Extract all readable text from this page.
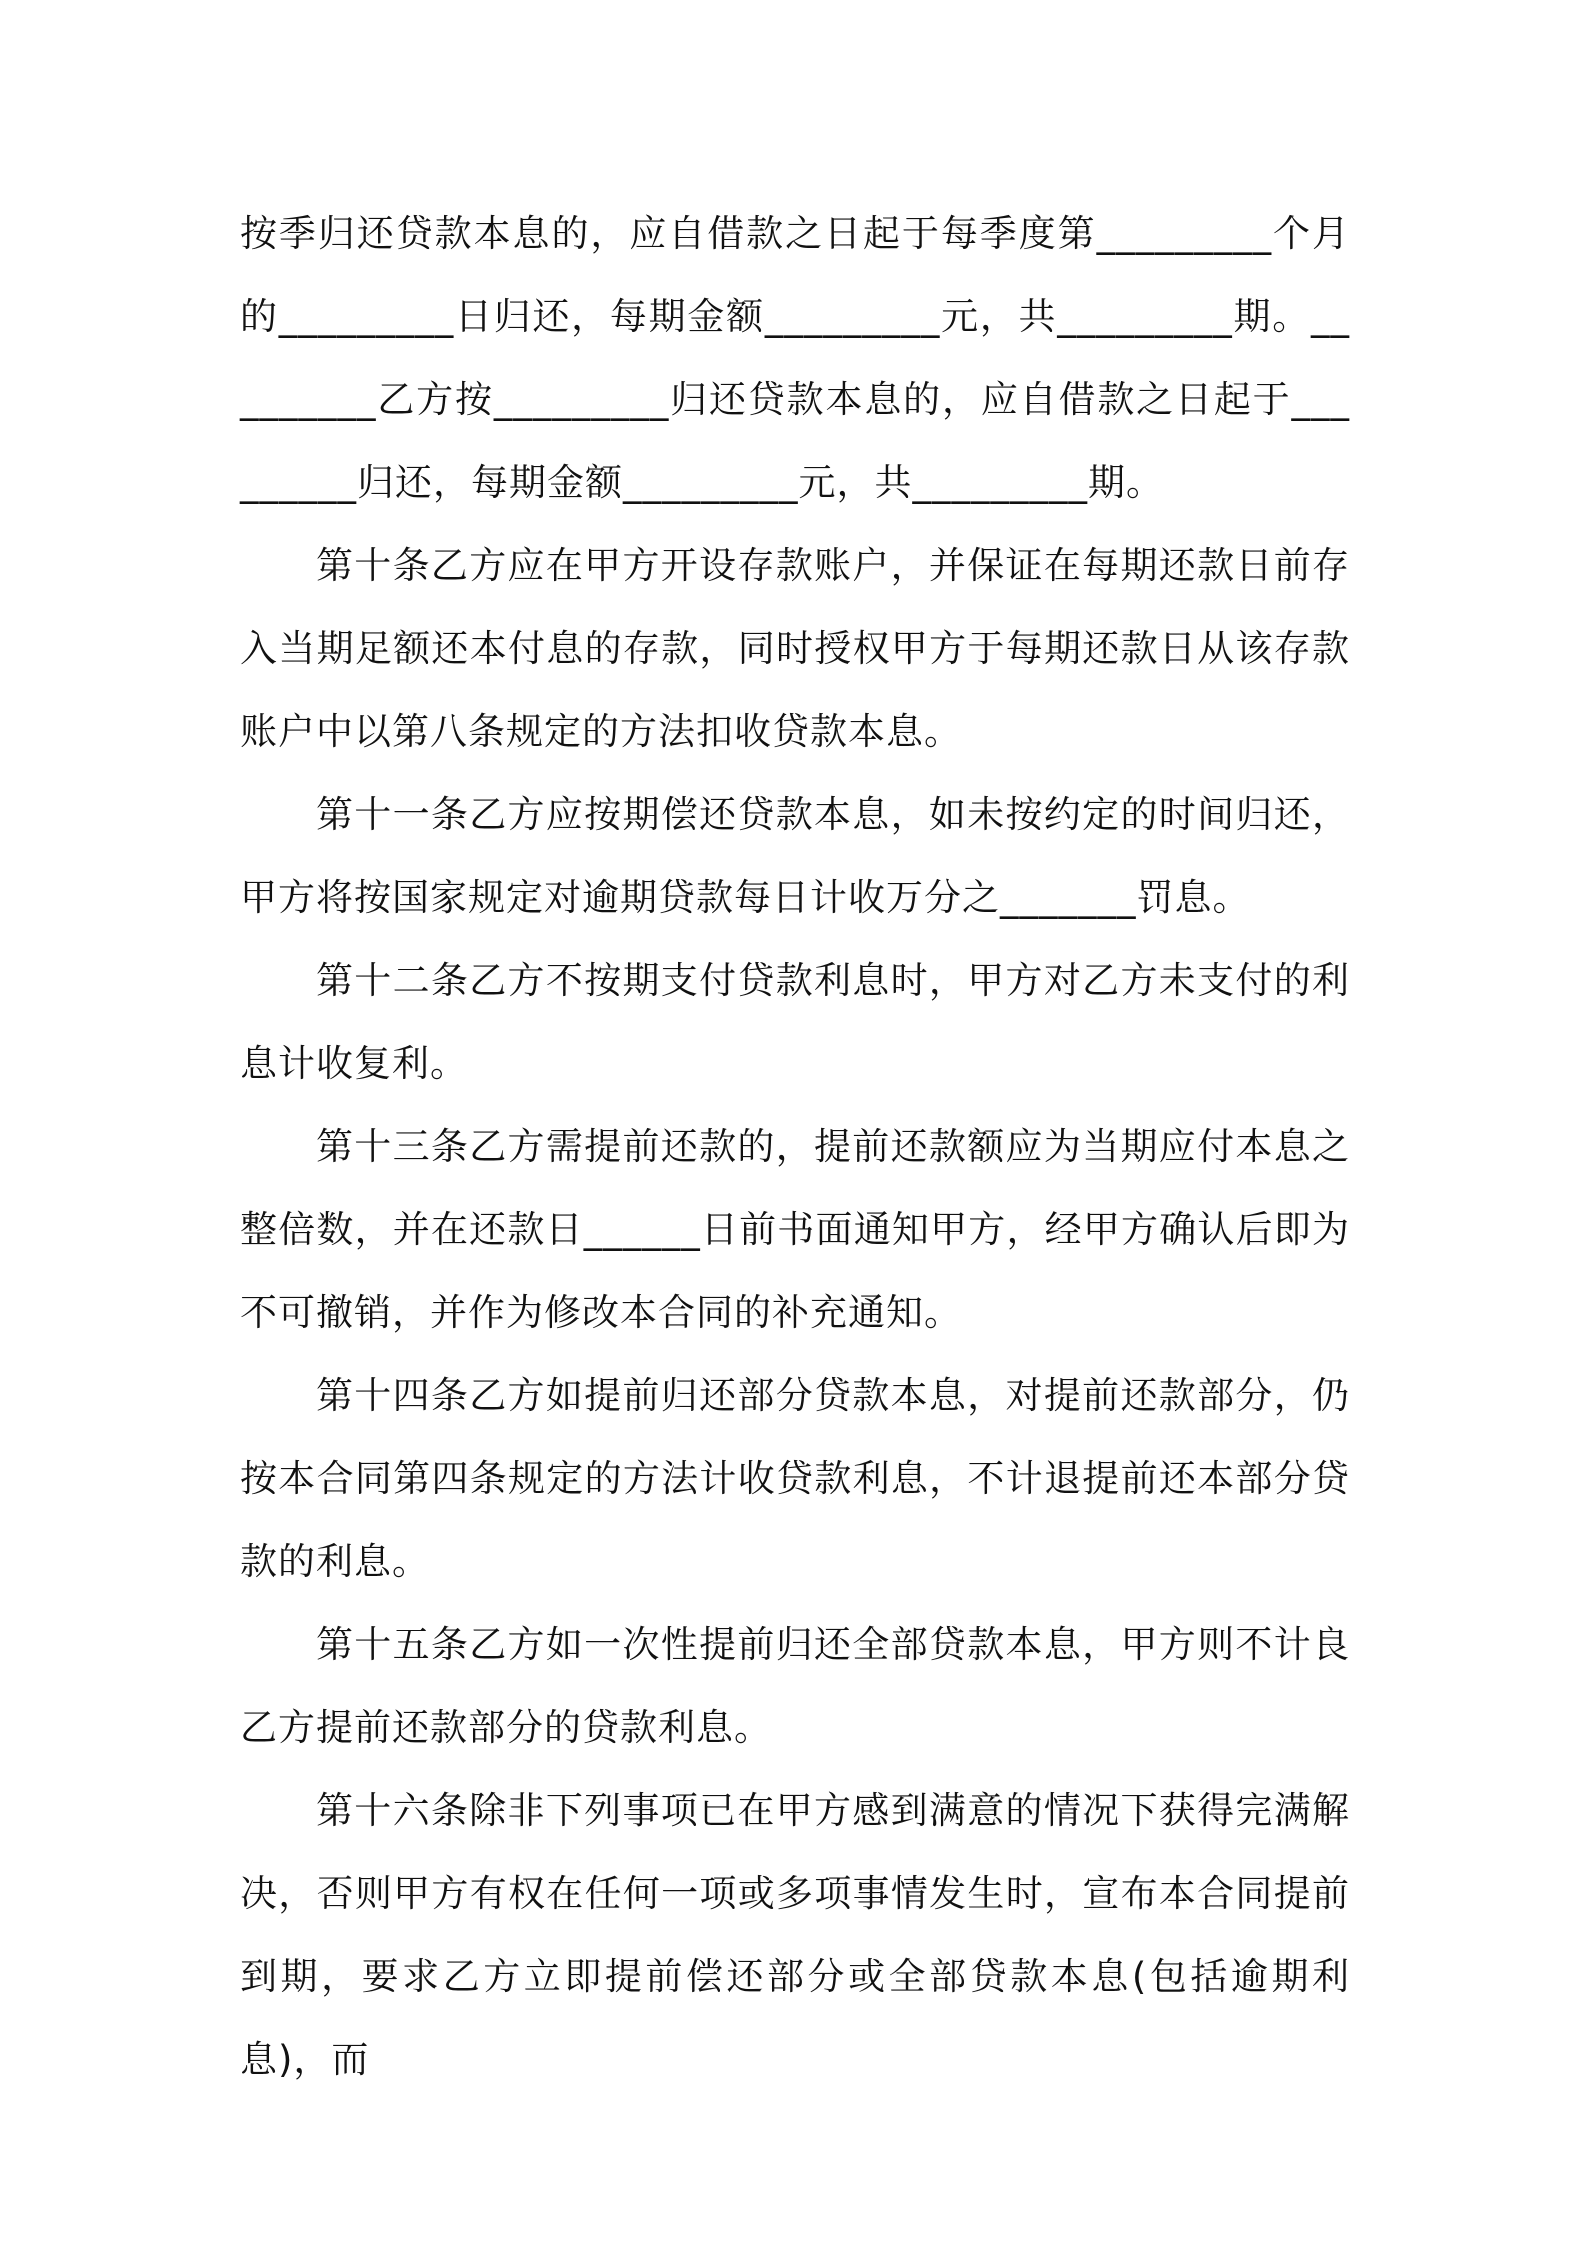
按季归还贷款本息的，应自借款之日起于每季度第_________个月的_________日归还，每期金额_________元，共_________期。_________乙方按_________归还贷款本息的，应自借款之日起于_________归还，每期金额_________元，共_________期。

第十条乙方应在甲方开设存款账户，并保证在每期还款日前存入当期足额还本付息的存款，同时授权甲方于每期还款日从该存款账户中以第八条规定的方法扣收贷款本息。

第十一条乙方应按期偿还贷款本息，如未按约定的时间归还，甲方将按国家规定对逾期贷款每日计收万分之_______罚息。

第十二条乙方不按期支付贷款利息时，甲方对乙方未支付的利息计收复利。

第十三条乙方需提前还款的，提前还款额应为当期应付本息之整倍数，并在还款日______日前书面通知甲方，经甲方确认后即为不可撤销，并作为修改本合同的补充通知。

第十四条乙方如提前归还部分贷款本息，对提前还款部分，仍按本合同第四条规定的方法计收贷款利息，不计退提前还本部分贷款的利息。

第十五条乙方如一次性提前归还全部贷款本息，甲方则不计良乙方提前还款部分的贷款利息。

第十六条除非下列事项已在甲方感到满意的情况下获得完满解决，否则甲方有权在任何一项或多项事情发生时，宣布本合同提前到期，要求乙方立即提前偿还部分或全部贷款本息(包括逾期利息)，而
